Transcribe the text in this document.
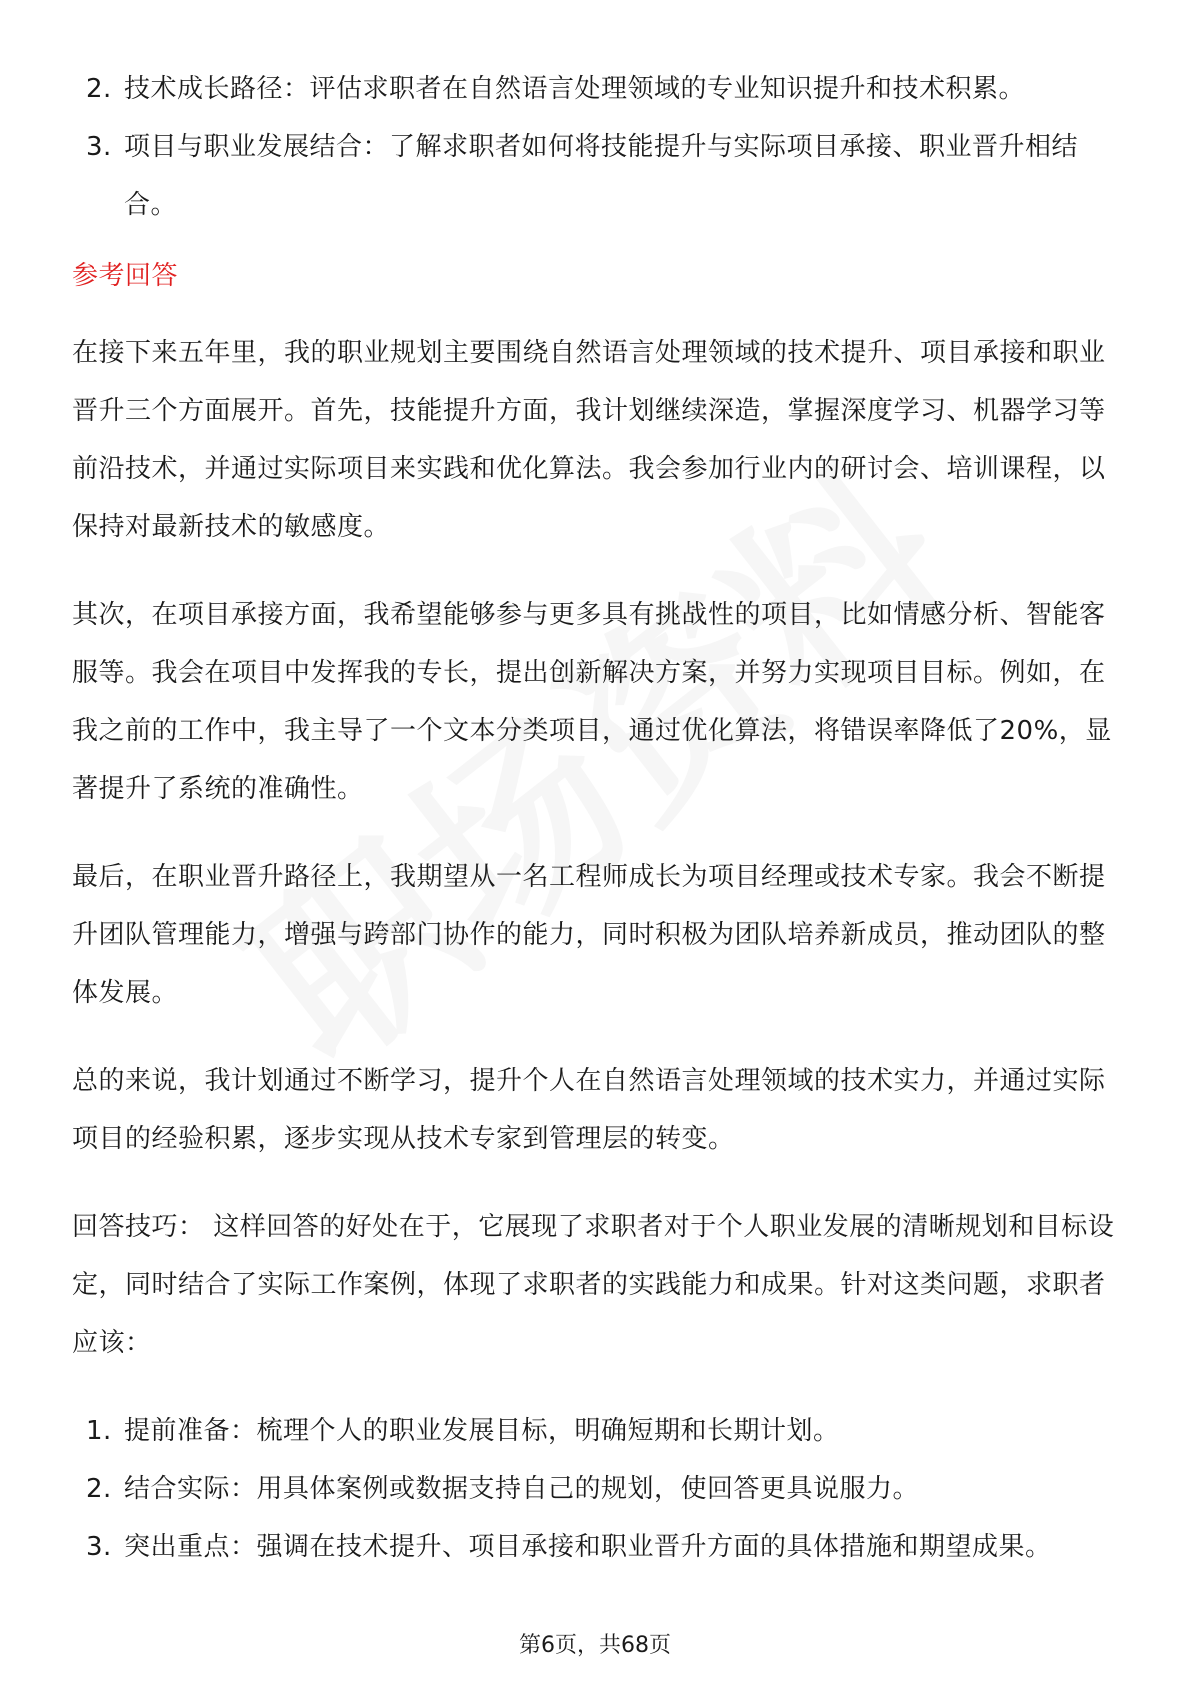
2. 技术成长路径：评估求职者在自然语言处理领域的专业知识提升和技术积累。
3. 项目与职业发展结合：了解求职者如何将技能提升与实际项目承接、职业晋升相结合。
参考回答

在接下来五年里，我的职业规划主要围绕自然语言处理领域的技术提升、项目承接和职业晋升三个方面展开。首先，技能提升方面，我计划继续深造，掌握深度学习、机器学习等前沿技术，并通过实际项目来实践和优化算法。我会参加行业内的研讨会、培训课程，以保持对最新技术的敏感度。

其次，在项目承接方面，我希望能够参与更多具有挑战性的项目，比如情感分析、智能客服等。我会在项目中发挥我的专长，提出创新解决方案，并努力实现项目目标。例如，在我之前的工作中，我主导了一个文本分类项目，通过优化算法，将错误率降低了20%，显著提升了系统的准确性。

最后，在职业晋升路径上，我期望从一名工程师成长为项目经理或技术专家。我会不断提升团队管理能力，增强与跨部门协作的能力，同时积极为团队培养新成员，推动团队的整体发展。

总的来说，我计划通过不断学习，提升个人在自然语言处理领域的技术实力，并通过实际项目的经验积累，逐步实现从技术专家到管理层的转变。

回答技巧： 这样回答的好处在于，它展现了求职者对于个人职业发展的清晰规划和目标设定，同时结合了实际工作案例，体现了求职者的实践能力和成果。针对这类问题，求职者应该：

1. 提前准备：梳理个人的职业发展目标，明确短期和长期计划。
2. 结合实际：用具体案例或数据支持自己的规划，使回答更具说服力。
3. 突出重点：强调在技术提升、项目承接和职业晋升方面的具体措施和期望成果。
第6页，共68页
